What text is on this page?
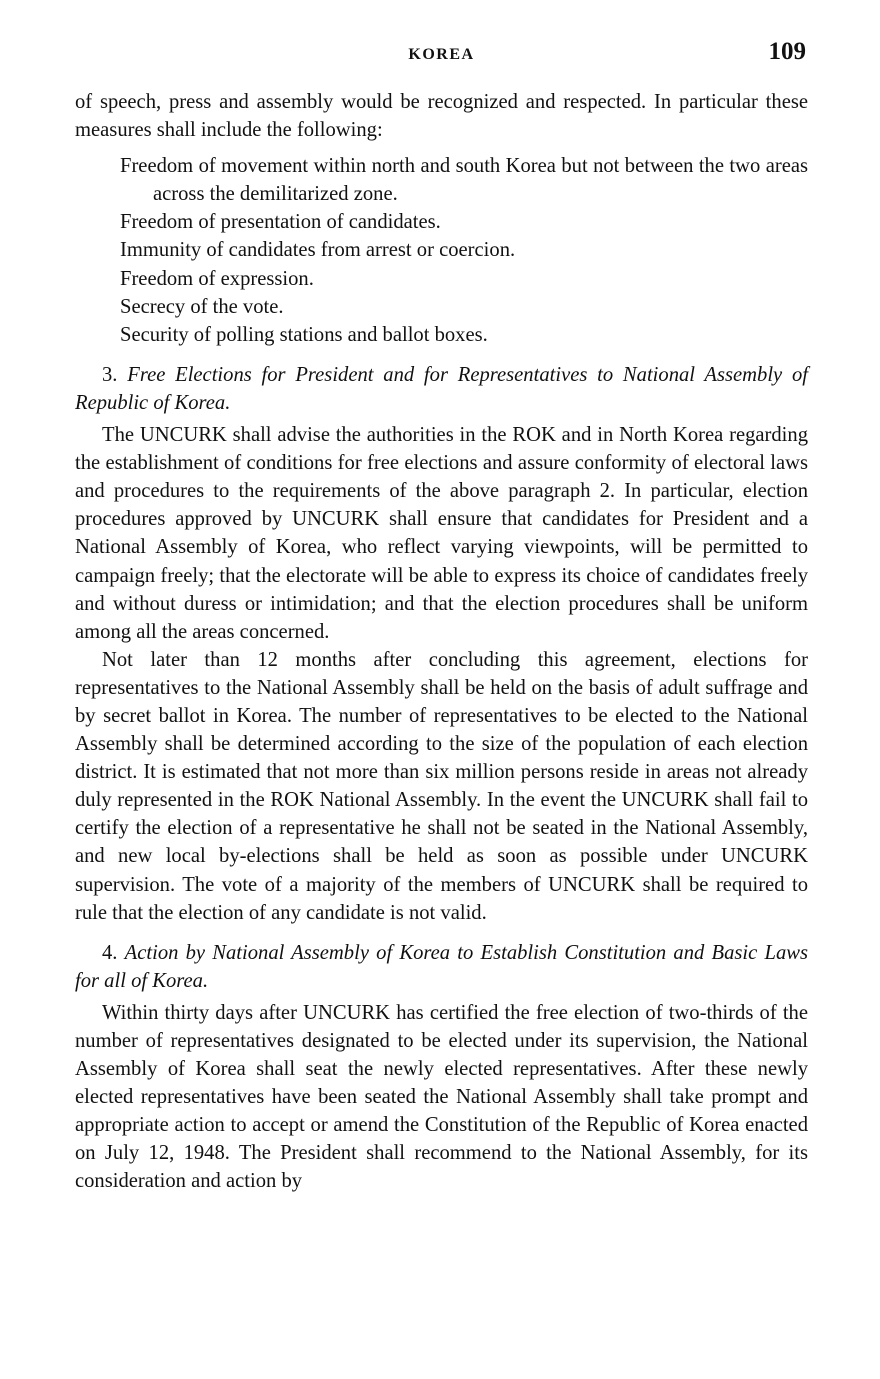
KOREA	109

of speech, press and assembly would be recognized and respected. In particular these measures shall include the following:

Freedom of movement within north and south Korea but not between the two areas across the demilitarized zone.
Freedom of presentation of candidates.
Immunity of candidates from arrest or coercion.
Freedom of expression.
Secrecy of the vote.
Security of polling stations and ballot boxes.

3. Free Elections for President and for Representatives to National Assembly of Republic of Korea.

The UNCURK shall advise the authorities in the ROK and in North Korea regarding the establishment of conditions for free elections and assure conformity of electoral laws and procedures to the requirements of the above paragraph 2. In particular, election procedures approved by UNCURK shall ensure that candidates for President and a National Assembly of Korea, who reflect varying viewpoints, will be permitted to campaign freely; that the electorate will be able to express its choice of candidates freely and without duress or intimidation; and that the election procedures shall be uniform among all the areas concerned.

Not later than 12 months after concluding this agreement, elections for representatives to the National Assembly shall be held on the basis of adult suffrage and by secret ballot in Korea. The number of representatives to be elected to the National Assembly shall be determined according to the size of the population of each election district. It is estimated that not more than six million persons reside in areas not already duly represented in the ROK National Assembly. In the event the UNCURK shall fail to certify the election of a representative he shall not be seated in the National Assembly, and new local by-elections shall be held as soon as possible under UNCURK supervision. The vote of a majority of the members of UNCURK shall be required to rule that the election of any candidate is not valid.

4. Action by National Assembly of Korea to Establish Constitution and Basic Laws for all of Korea.

Within thirty days after UNCURK has certified the free election of two-thirds of the number of representatives designated to be elected under its supervision, the National Assembly of Korea shall seat the newly elected representatives. After these newly elected representatives have been seated the National Assembly shall take prompt and appropriate action to accept or amend the Constitution of the Republic of Korea enacted on July 12, 1948. The President shall recommend to the National Assembly, for its consideration and action by
